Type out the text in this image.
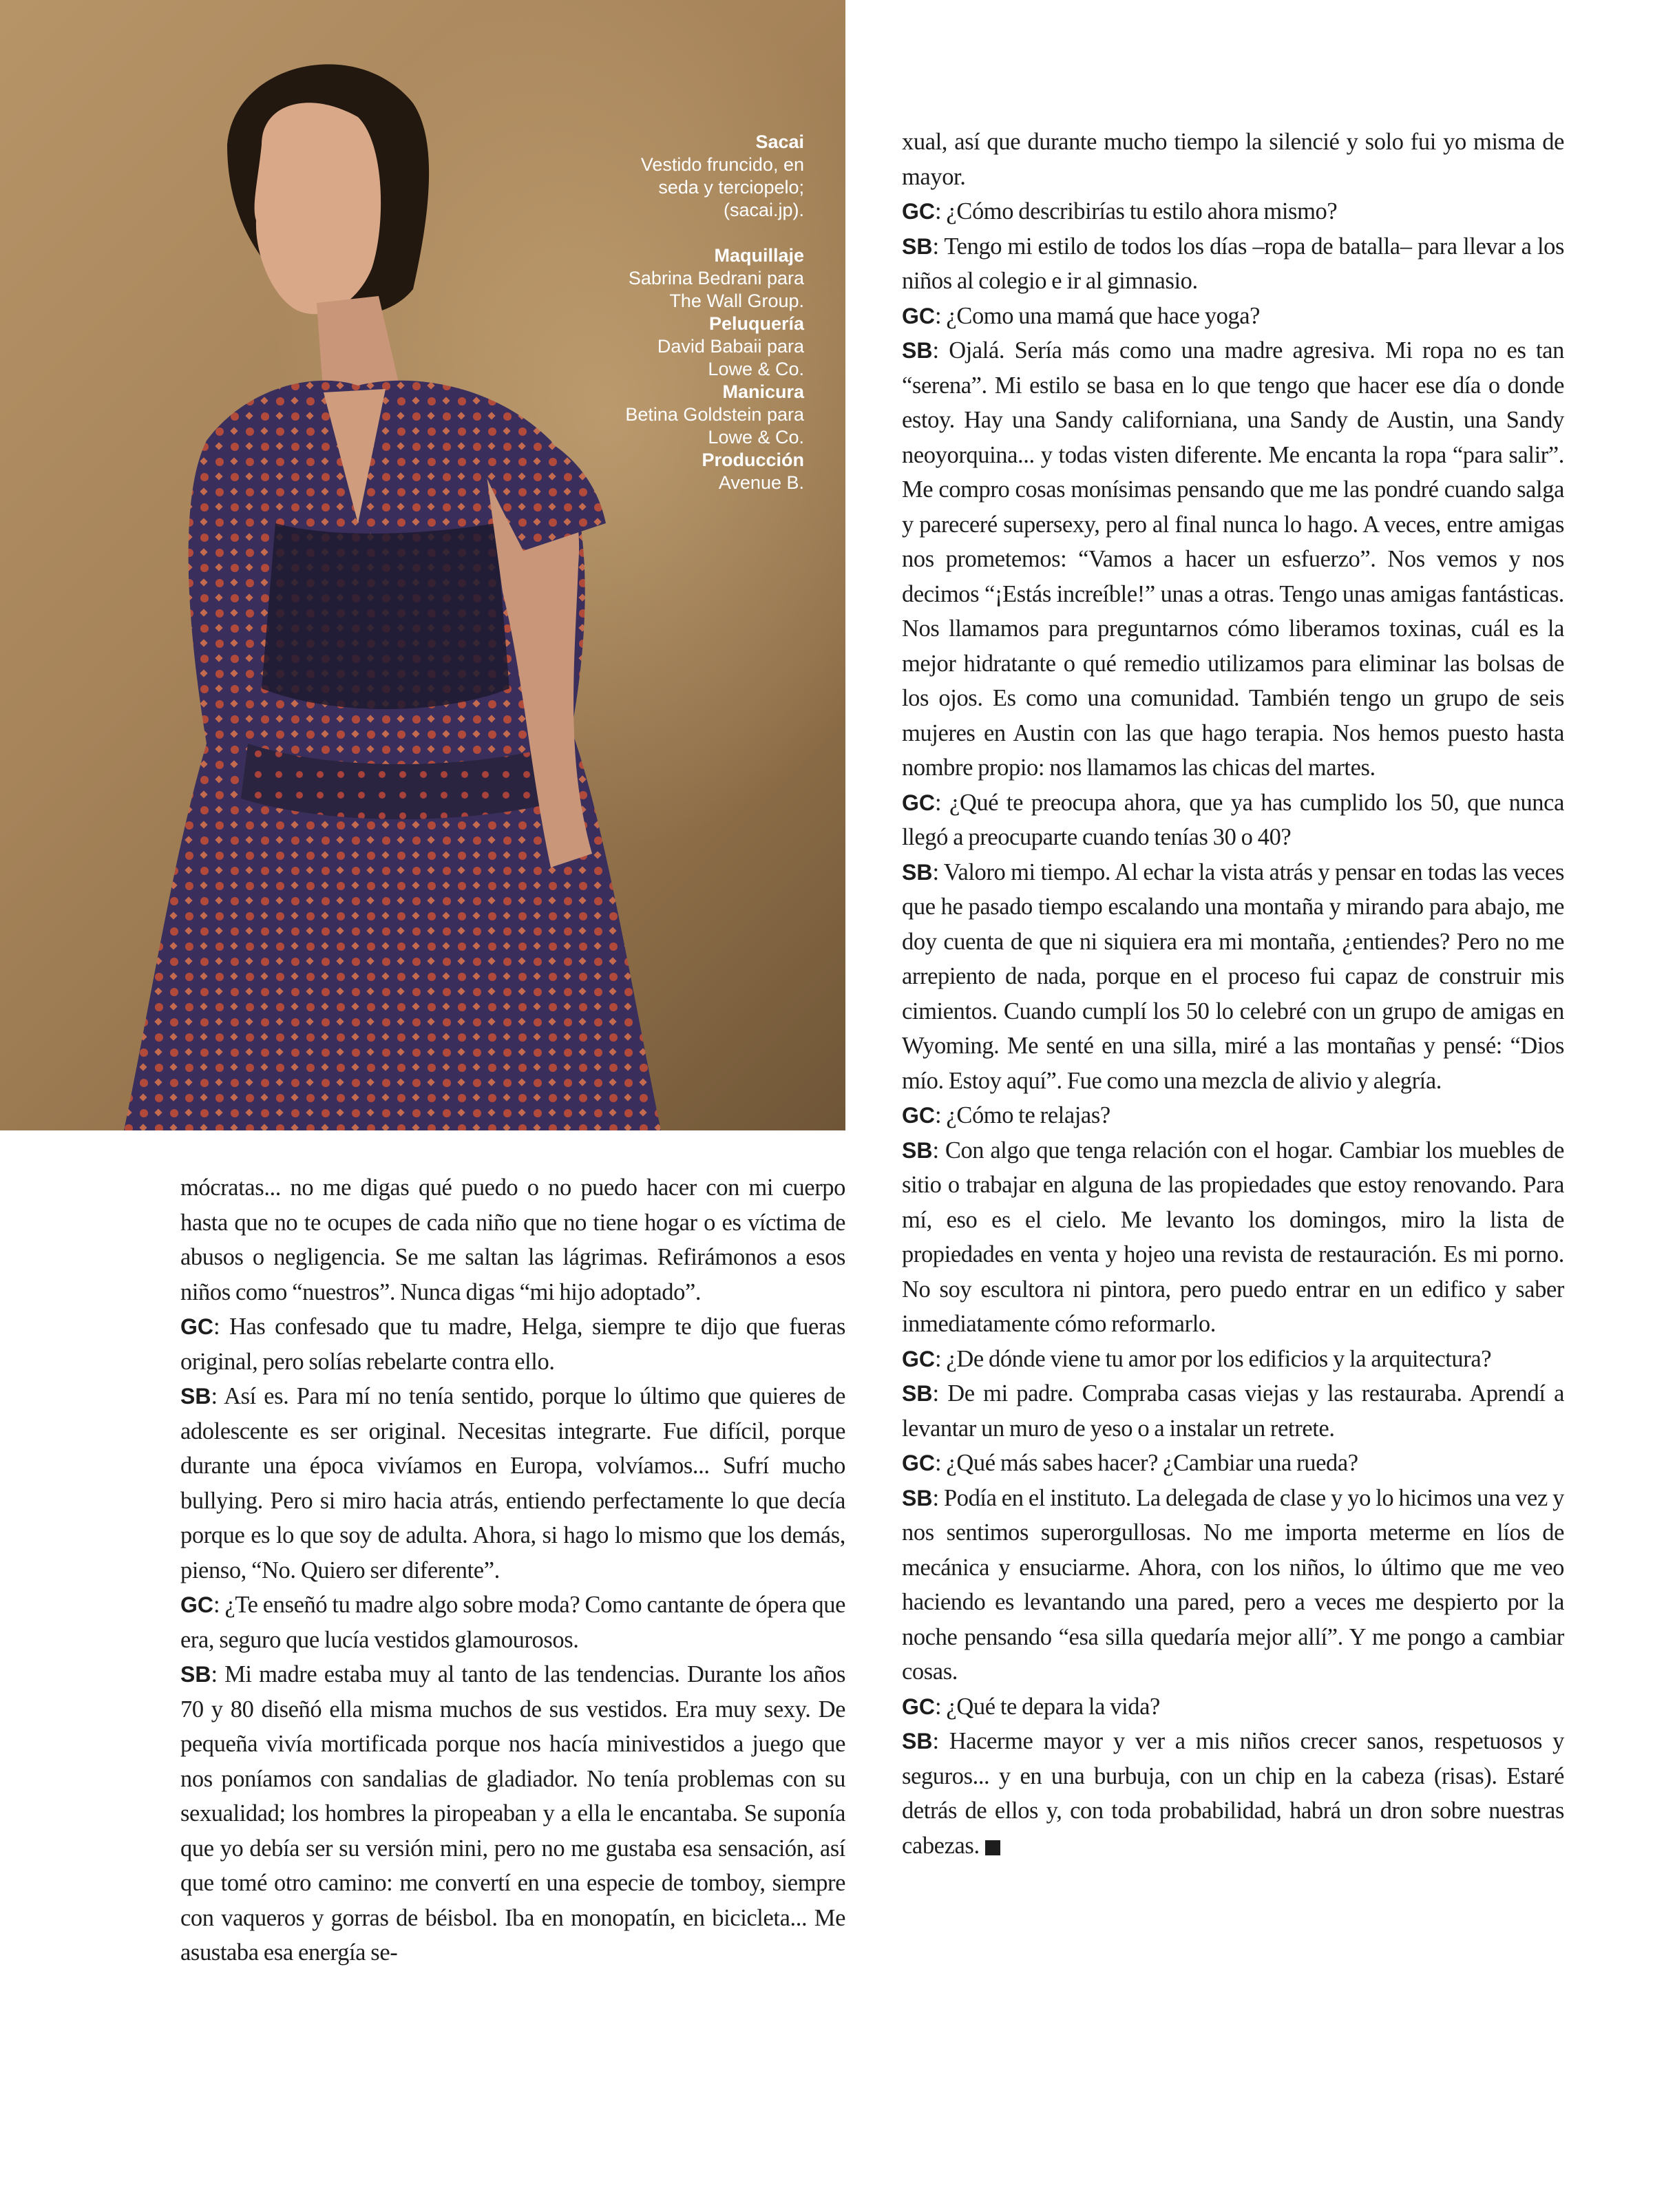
Sacai
Vestido fruncido, en seda y terciopelo; (sacai.jp).
Maquillaje
Sabrina Bedrani para The Wall Group.
Peluquería
David Babaii para Lowe & Co.
Manicura
Betina Goldstein para Lowe & Co.
Producción
Avenue B.

mócratas... no me digas qué puedo o no puedo hacer con mi cuerpo hasta que no te ocupes de cada niño que no tiene hogar o es víctima de abusos o negligencia. Se me saltan las lágrimas. Refirámonos a esos niños como “nuestros”. Nunca digas “mi hijo adoptado”.

GC: Has confesado que tu madre, Helga, siempre te dijo que fueras original, pero solías rebelarte contra ello.

SB: Así es. Para mí no tenía sentido, porque lo último que quieres de adolescente es ser original. Necesitas integrarte. Fue difícil, porque durante una época vivíamos en Europa, volvíamos... Sufrí mucho bullying. Pero si miro hacia atrás, entiendo perfectamente lo que decía porque es lo que soy de adulta. Ahora, si hago lo mismo que los demás, pienso, “No. Quiero ser diferente”.

GC: ¿Te enseñó tu madre algo sobre moda? Como cantante de ópera que era, seguro que lucía vestidos glamourosos.

SB: Mi madre estaba muy al tanto de las tendencias. Durante los años 70 y 80 diseñó ella misma muchos de sus vestidos. Era muy sexy. De pequeña vivía mortificada porque nos hacía minivestidos a juego que nos poníamos con sandalias de gladiador. No tenía problemas con su sexualidad; los hombres la piropeaban y a ella le encantaba. Se suponía que yo debía ser su versión mini, pero no me gustaba esa sensación, así que tomé otro camino: me convertí en una especie de tomboy, siempre con vaqueros y gorras de béisbol. Iba en monopatín, en bicicleta... Me asustaba esa energía se-

xual, así que durante mucho tiempo la silencié y solo fui yo misma de mayor.

GC: ¿Cómo describirías tu estilo ahora mismo?

SB: Tengo mi estilo de todos los días –ropa de batalla– para llevar a los niños al colegio e ir al gimnasio.

GC: ¿Como una mamá que hace yoga?

SB: Ojalá. Sería más como una madre agresiva. Mi ropa no es tan “serena”. Mi estilo se basa en lo que tengo que hacer ese día o donde estoy. Hay una Sandy californiana, una Sandy de Austin, una Sandy neoyorquina... y todas visten diferente. Me encanta la ropa “para salir”. Me compro cosas monísimas pensando que me las pondré cuando salga y pareceré supersexy, pero al final nunca lo hago. A veces, entre amigas nos prometemos: “Vamos a hacer un esfuerzo”. Nos vemos y nos decimos “¡Estás increíble!” unas a otras. Tengo unas amigas fantásticas. Nos llamamos para preguntarnos cómo liberamos toxinas, cuál es la mejor hidratante o qué remedio utilizamos para eliminar las bolsas de los ojos. Es como una comunidad. También tengo un grupo de seis mujeres en Austin con las que hago terapia. Nos hemos puesto hasta nombre propio: nos llamamos las chicas del martes.

GC: ¿Qué te preocupa ahora, que ya has cumplido los 50, que nunca llegó a preocuparte cuando tenías 30 o 40?

SB: Valoro mi tiempo. Al echar la vista atrás y pensar en todas las veces que he pasado tiempo escalando una montaña y mirando para abajo, me doy cuenta de que ni siquiera era mi montaña, ¿entiendes? Pero no me arrepiento de nada, porque en el proceso fui capaz de construir mis cimientos. Cuando cumplí los 50 lo celebré con un grupo de amigas en Wyoming. Me senté en una silla, miré a las montañas y pensé: “Dios mío. Estoy aquí”. Fue como una mezcla de alivio y alegría.

GC: ¿Cómo te relajas?

SB: Con algo que tenga relación con el hogar. Cambiar los muebles de sitio o trabajar en alguna de las propiedades que estoy renovando. Para mí, eso es el cielo. Me levanto los domingos, miro la lista de propiedades en venta y hojeo una revista de restauración. Es mi porno. No soy escultora ni pintora, pero puedo entrar en un edifico y saber inmediatamente cómo reformarlo.

GC: ¿De dónde viene tu amor por los edificios y la arquitectura?

SB: De mi padre. Compraba casas viejas y las restauraba. Aprendí a levantar un muro de yeso o a instalar un retrete.

GC: ¿Qué más sabes hacer? ¿Cambiar una rueda?

SB: Podía en el instituto. La delegada de clase y yo lo hicimos una vez y nos sentimos superorgullosas. No me importa meterme en líos de mecánica y ensuciarme. Ahora, con los niños, lo último que me veo haciendo es levantando una pared, pero a veces me despierto por la noche pensando “esa silla quedaría mejor allí”. Y me pongo a cambiar cosas.

GC: ¿Qué te depara la vida?

SB: Hacerme mayor y ver a mis niños crecer sanos, respetuosos y seguros... y en una burbuja, con un chip en la cabeza (risas). Estaré detrás de ellos y, con toda probabilidad, habrá un dron sobre nuestras cabezas.
